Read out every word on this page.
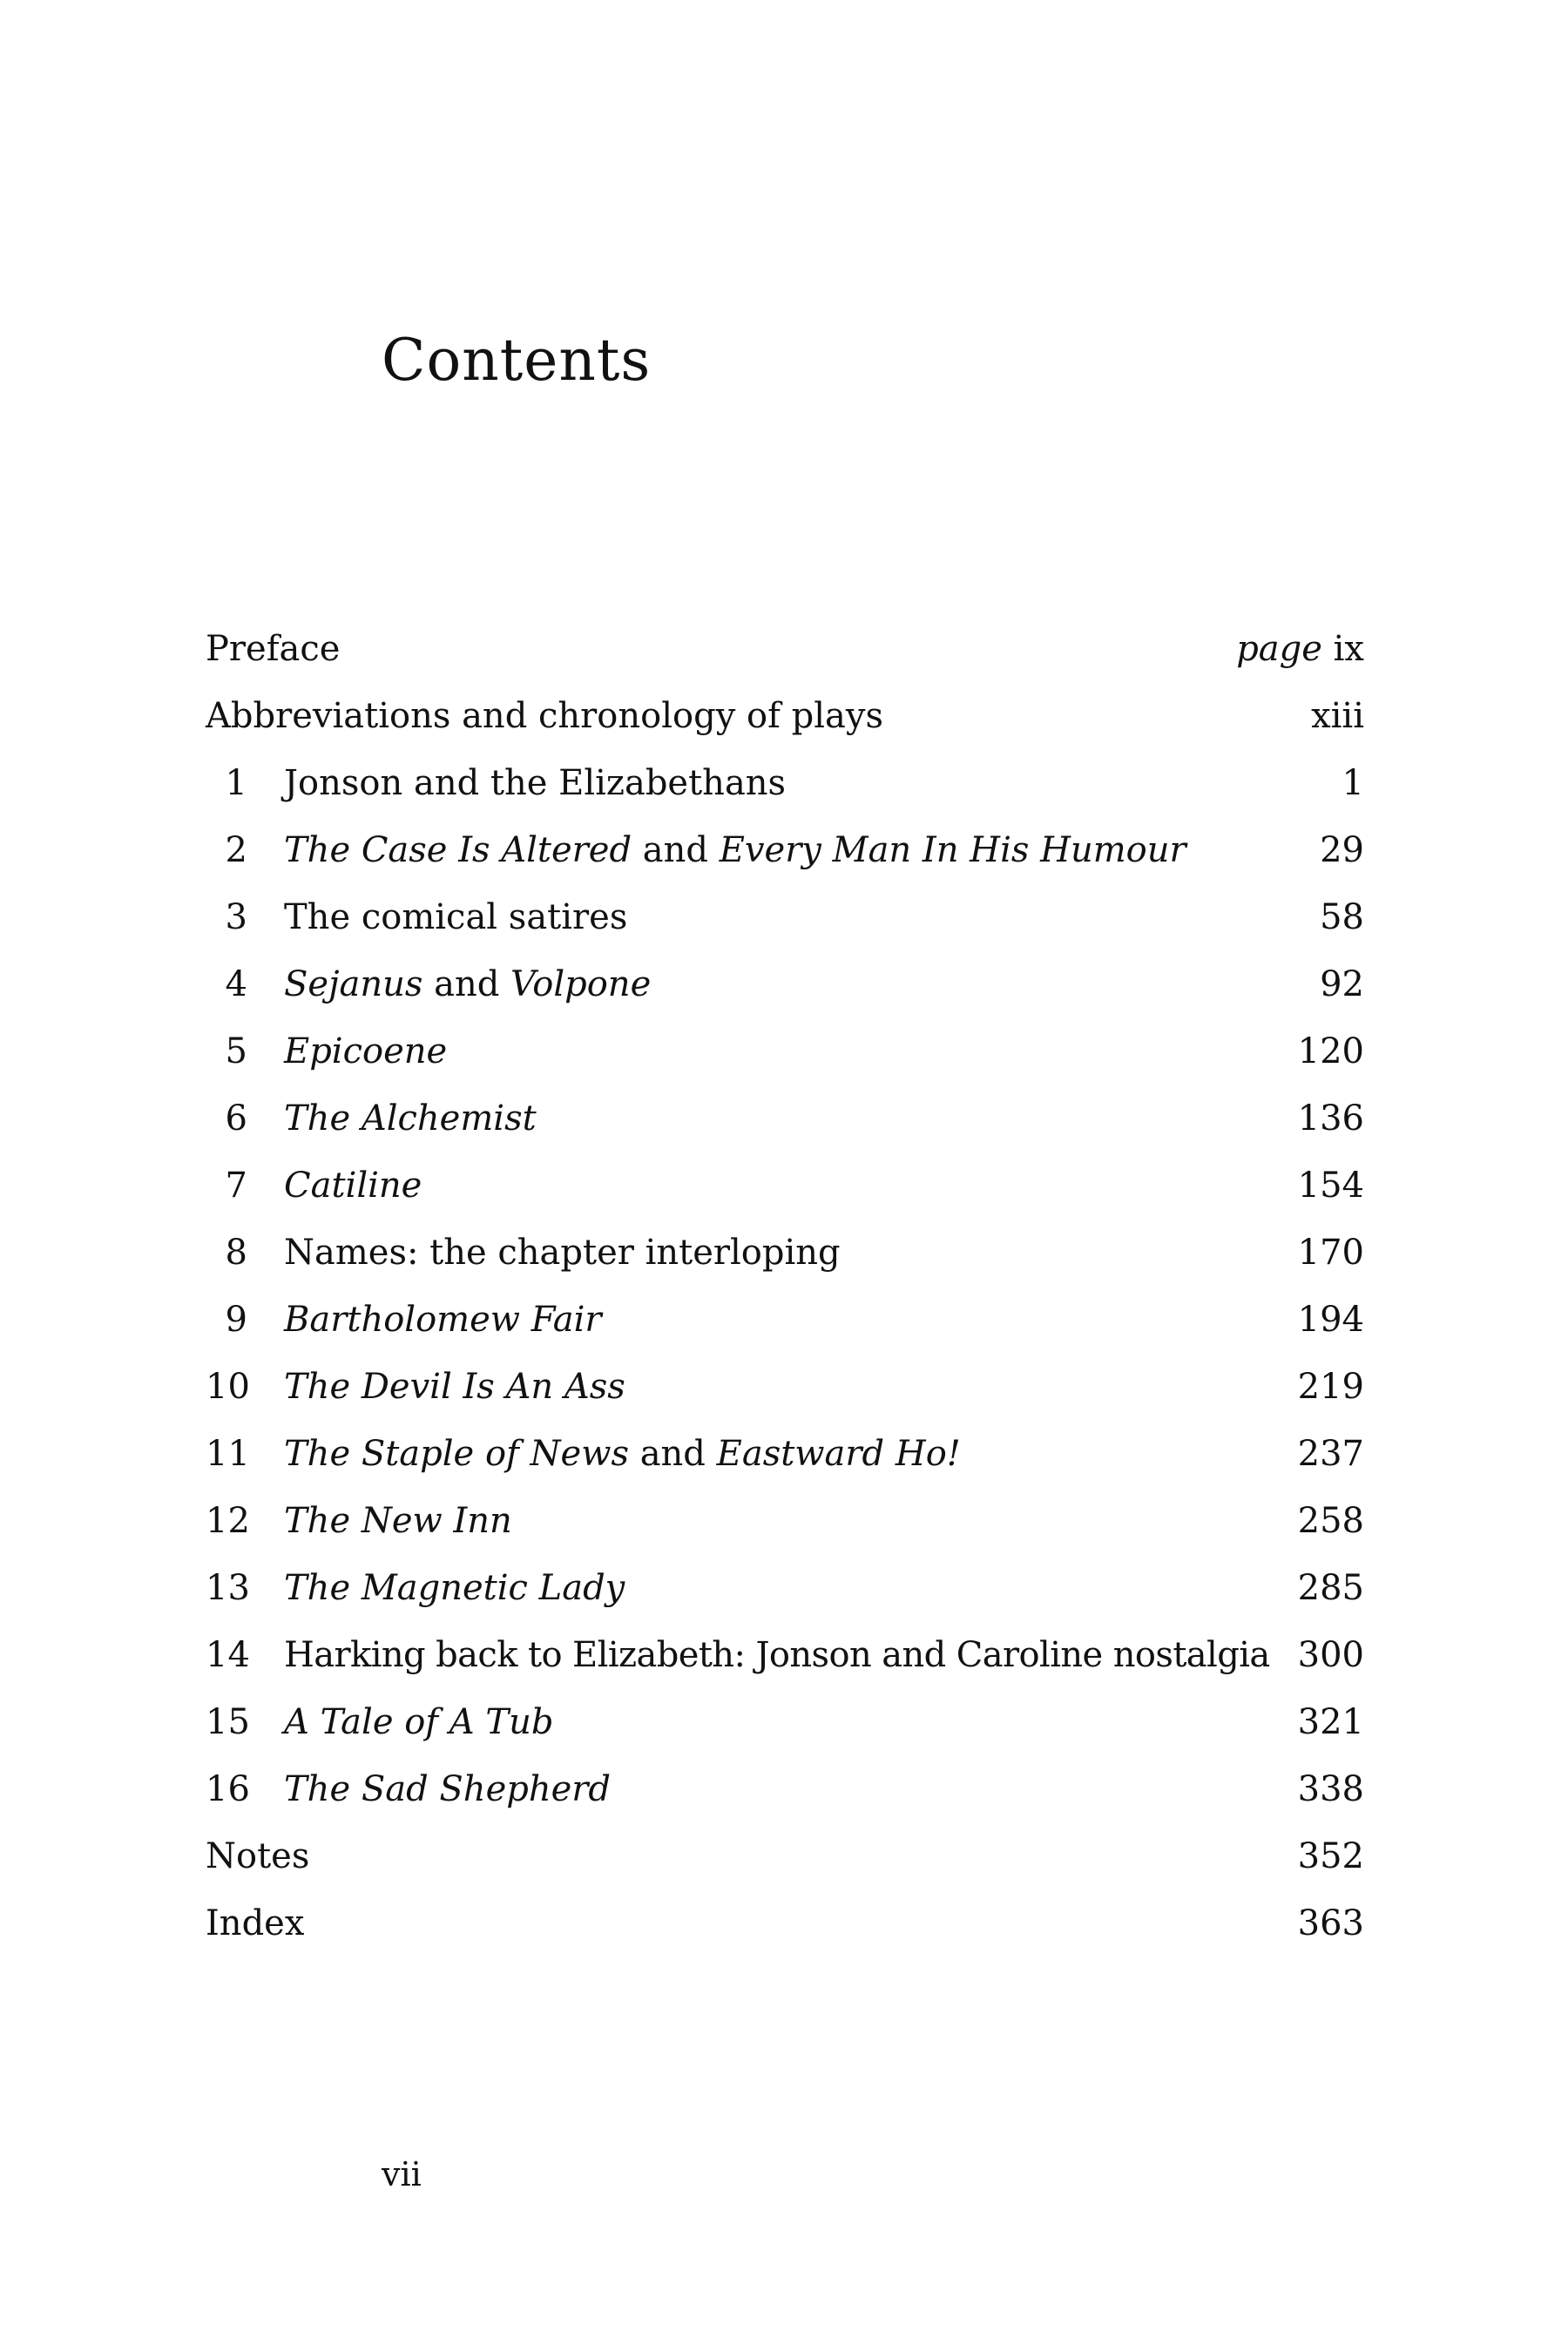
Contents
Preface	page ix
Abbreviations and chronology of plays	xiii
1 Jonson and the Elizabethans	1
2 The Case Is Altered and Every Man In His Humour	29
3 The comical satires	58
4 Sejanus and Volpone	92
5 Epicoene	120
6 The Alchemist	136
7 Catiline	154
8 Names: the chapter interloping	170
9 Bartholomew Fair	194
10 The Devil Is An Ass	219
11 The Staple of News and Eastward Ho!	237
12 The New Inn	258
13 The Magnetic Lady	285
14 Harking back to Elizabeth: Jonson and Caroline nostalgia 300
15 A Tale of A Tub	321
16 The Sad Shepherd	338
Notes	352
Index	363
vii
